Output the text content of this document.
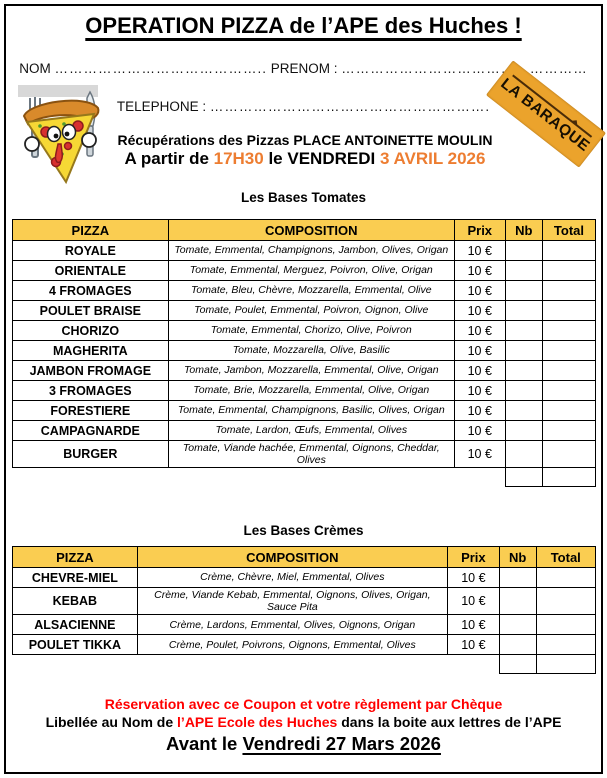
OPERATION PIZZA de l’APE des Huches !
NOM …………………………………….. PRENOM : ……………………………………………
TELEPHONE : ………………………………………………….
Récupérations des Pizzas PLACE ANTOINETTE MOULIN
A partir de 17H30 le VENDREDI 3 AVRIL 2026
LA BARAQUE
Les Bases Tomates
PIZZA	COMPOSITION	Prix	Nb	Total
ROYALE	Tomate, Emmental, Champignons, Jambon, Olives, Origan	10 €		
ORIENTALE	Tomate, Emmental, Merguez, Poivron, Olive, Origan	10 €		
4 FROMAGES	Tomate, Bleu, Chèvre, Mozzarella, Emmental, Olive	10 €		
POULET BRAISE	Tomate, Poulet, Emmental, Poivron, Oignon, Olive	10 €		
CHORIZO	Tomate, Emmental, Chorizo, Olive, Poivron	10 €		
MAGHERITA	Tomate, Mozzarella, Olive, Basilic	10 €		
JAMBON FROMAGE	Tomate, Jambon, Mozzarella, Emmental, Olive, Origan	10 €		
3 FROMAGES	Tomate, Brie, Mozzarella, Emmental, Olive, Origan	10 €		
FORESTIERE	Tomate, Emmental, Champignons, Basilic, Olives, Origan	10 €		
CAMPAGNARDE	Tomate, Lardon, Œufs, Emmental, Olives	10 €		
BURGER	Tomate, Viande hachée, Emmental, Oignons, Cheddar, Olives	10 €		

Les Bases Crèmes
PIZZA	COMPOSITION	Prix	Nb	Total
CHEVRE-MIEL	Crème, Chèvre, Miel, Emmental, Olives	10 €		
KEBAB	Crème, Viande Kebab, Emmental, Oignons, Olives, Origan, Sauce Pita	10 €		
ALSACIENNE	Crème, Lardons, Emmental, Olives, Oignons, Origan	10 €		
POULET TIKKA	Crème, Poulet, Poivrons, Oignons, Emmental, Olives	10 €		

Réservation avec ce Coupon et votre règlement par Chèque
Libellée au Nom de l’APE Ecole des Huches dans la boite aux lettres de l’APE
Avant le Vendredi 27 Mars 2026
